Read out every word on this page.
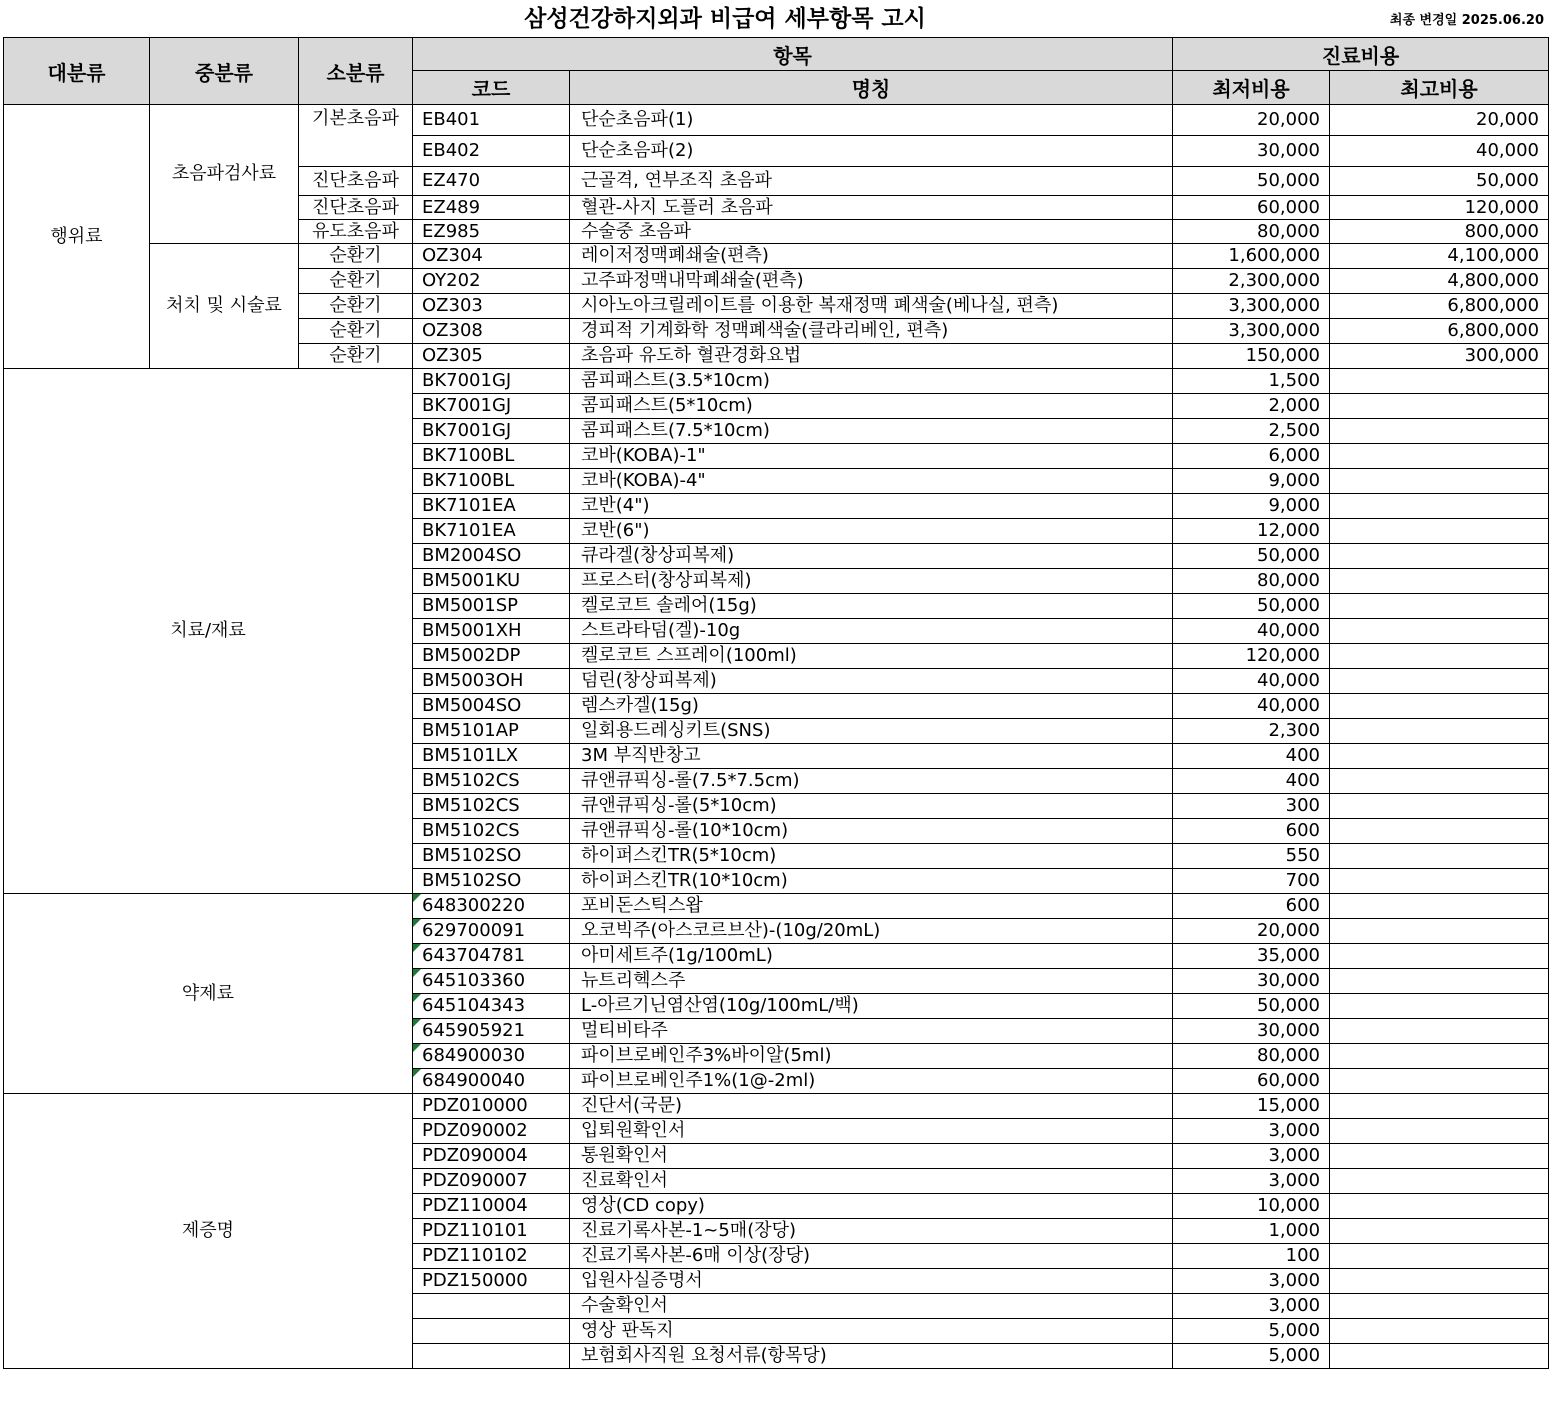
삼성건강하지외과 비급여 세부항목 고시	최종 변경일 2025.06.20
대분류	중분류	소분류	항목		진료비용	
			코드	명칭	최저비용	최고비용
행위료	초음파검사료	기본초음파	EB401	단순초음파(1)	20,000	20,000
			EB402	단순초음파(2)	30,000	40,000
		진단초음파	EZ470	근골격, 연부조직 초음파	50,000	50,000
		진단초음파	EZ489	혈관-사지 도플러 초음파	60,000	120,000
		유도초음파	EZ985	수술중 초음파	80,000	800,000
	처치 및 시술료	순환기	OZ304	레이저정맥폐쇄술(편측)	1,600,000	4,100,000
		순환기	OY202	고주파정맥내막폐쇄술(편측)	2,300,000	4,800,000
		순환기	OZ303	시아노아크릴레이트를 이용한 복재정맥 폐색술(베나실, 편측)	3,300,000	6,800,000
		순환기	OZ308	경피적 기계화학 정맥폐색술(클라리베인, 편측)	3,300,000	6,800,000
		순환기	OZ305	초음파 유도하 혈관경화요법	150,000	300,000
치료/재료			BK7001GJ	콤피패스트(3.5*10cm)	1,500	
			BK7001GJ	콤피패스트(5*10cm)	2,000	
			BK7001GJ	콤피패스트(7.5*10cm)	2,500	
			BK7100BL	코바(KOBA)-1"	6,000	
			BK7100BL	코바(KOBA)-4"	9,000	
			BK7101EA	코반(4")	9,000	
			BK7101EA	코반(6")	12,000	
			BM2004SO	큐라겔(창상피복제)	50,000	
			BM5001KU	프로스터(창상피복제)	80,000	
			BM5001SP	켈로코트 솔레어(15g)	50,000	
			BM5001XH	스트라타덤(겔)-10g	40,000	
			BM5002DP	켈로코트 스프레이(100ml)	120,000	
			BM5003OH	덤린(창상피복제)	40,000	
			BM5004SO	렘스카겔(15g)	40,000	
			BM5101AP	일회용드레싱키트(SNS)	2,300	
			BM5101LX	3M 부직반창고	400	
			BM5102CS	큐앤큐픽싱-롤(7.5*7.5cm)	400	
			BM5102CS	큐앤큐픽싱-롤(5*10cm)	300	
			BM5102CS	큐앤큐픽싱-롤(10*10cm)	600	
			BM5102SO	하이퍼스킨TR(5*10cm)	550	
			BM5102SO	하이퍼스킨TR(10*10cm)	700	
약제료			648300220	포비돈스틱스왑	600	

629700091	오코빅주(아스코르브산)-(10g/20mL)	20,000	

643704781	아미세트주(1g/100mL)	35,000	

645103360	뉴트리헥스주	30,000	

645104343	L-아르기닌염산염(10g/100mL/백)	50,000	

645905921	멀티비타주	30,000	

684900030	파이브로베인주3%바이알(5ml)	80,000	

684900040	파이브로베인주1%(1@-2ml)	60,000	
제증명			PDZ010000	진단서(국문)	15,000	
			PDZ090002	입퇴원확인서	3,000	
			PDZ090004	통원확인서	3,000	
			PDZ090007	진료확인서	3,000	
			PDZ110004	영상(CD copy)	10,000	
			PDZ110101	진료기록사본-1~5매(장당)	1,000	
			PDZ110102	진료기록사본-6매 이상(장당)	100	
			PDZ150000	입원사실증명서	3,000	
				수술확인서	3,000	
				영상 판독지	5,000	
				보험회사직원 요청서류(항목당)	5,000	
